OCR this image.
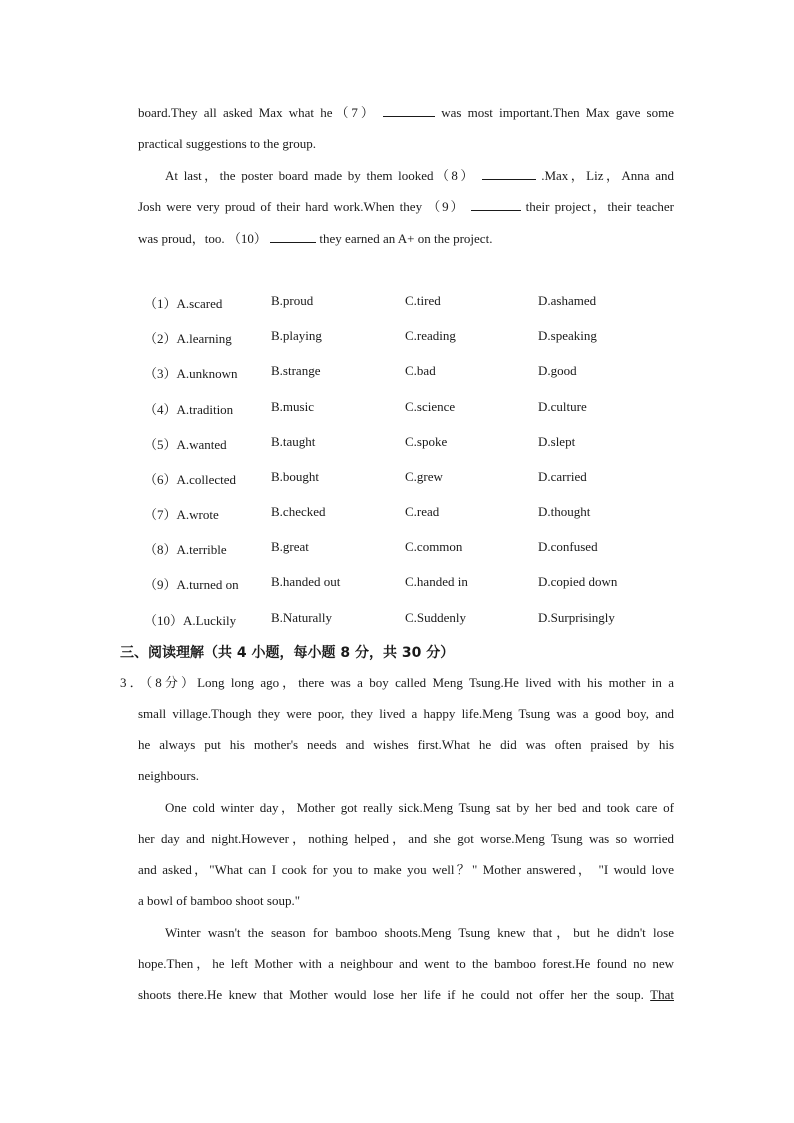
board.They all asked Max what he（7）	was most important.Then Max gave some
practical suggestions to the group.
At last，the poster board made by them looked（8）	.Max，Liz，Anna and
Josh were very proud of their hard work.When they （9）	their project，their teacher
was proud，too. （10）	they earned an A+ on the project.
（1）A.scared	B.proud	C.tired	D.ashamed
（2）A.learning	B.playing	C.reading	D.speaking
（3）A.unknown	B.strange	C.bad	D.good
（4）A.tradition	B.music	C.science	D.culture
（5）A.wanted	B.taught	C.spoke	D.slept
（6）A.collected	B.bought	C.grew	D.carried
（7）A.wrote	B.checked	C.read	D.thought
（8）A.terrible	B.great	C.common	D.confused
（9）A.turned on B.handed out	C.handed in	D.copied down
（10）A.Luckily	B.Naturally	C.Suddenly	D.Surprisingly
三、阅读理解（共 4 小题，每小题 8 分，共 30 分）
3．（8分）Long long ago，there was a boy called Meng Tsung.He lived with his mother in a
small village.Though they were poor, they lived a happy life.Meng Tsung was a good boy, and
he always put his mother's needs and wishes first.What he did was often praised by his
neighbours.
One cold winter day，Mother got really sick.Meng Tsung sat by her bed and took care of
her day and night.However，nothing helped，and she got worse.Meng Tsung was so worried
and asked，"What can I cook for you to make you well？" Mother answered， "I would love
a bowl of bamboo shoot soup."
Winter wasn't the season for bamboo shoots.Meng Tsung knew that，but he didn't lose
hope.Then，he left Mother with a neighbour and went to the bamboo forest.He found no new
shoots there.He knew that Mother would lose her life if he could not offer her the soup. That
